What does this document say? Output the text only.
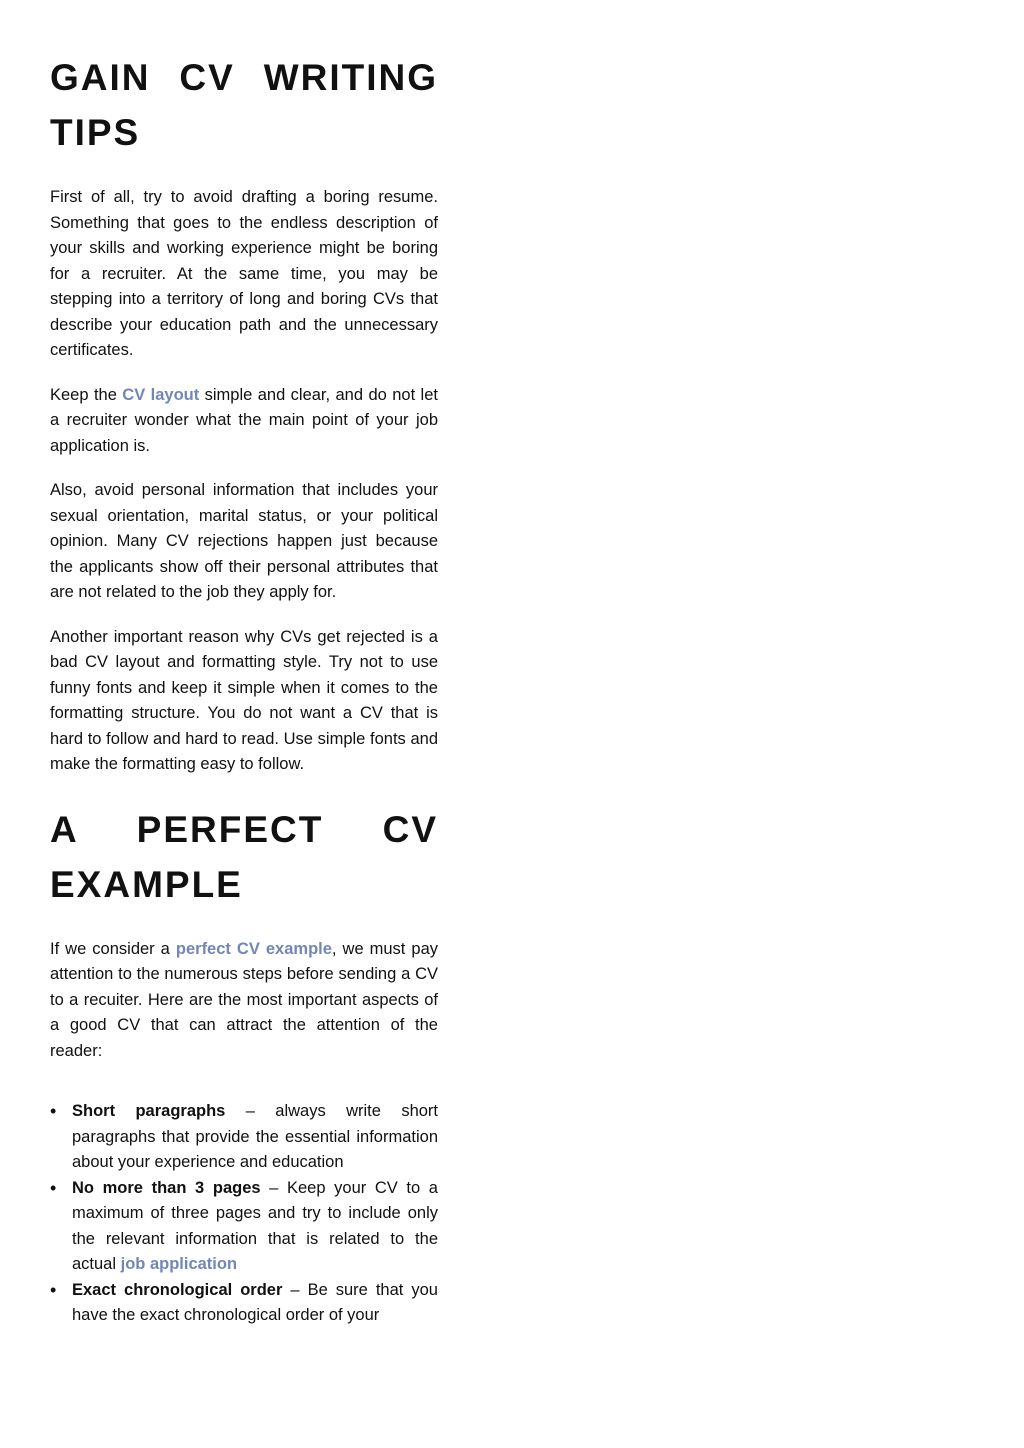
GAIN CV WRITING TIPS

First of all, try to avoid drafting a boring resume. Something that goes to the endless description of your skills and working experience might be boring for a recruiter. At the same time, you may be stepping into a territory of long and boring CVs that describe your education path and the unnecessary certificates.

Keep the CV layout simple and clear, and do not let a recruiter wonder what the main point of your job application is.

Also, avoid personal information that includes your sexual orientation, marital status, or your political opinion. Many CV rejections happen just because the applicants show off their personal attributes that are not related to the job they apply for.

Another important reason why CVs get rejected is a bad CV layout and formatting style. Try not to use funny fonts and keep it simple when it comes to the formatting structure. You do not want a CV that is hard to follow and hard to read. Use simple fonts and make the formatting easy to follow.

A PERFECT CV EXAMPLE

If we consider a perfect CV example, we must pay attention to the numerous steps before sending a CV to a recuiter. Here are the most important aspects of a good CV that can attract the attention of the reader:

• Short paragraphs – always write short paragraphs that provide the essential information about your experience and education
• No more than 3 pages – Keep your CV to a maximum of three pages and try to include only the relevant information that is related to the actual job application
• Exact chronological order – Be sure that you have the exact chronological order of your
